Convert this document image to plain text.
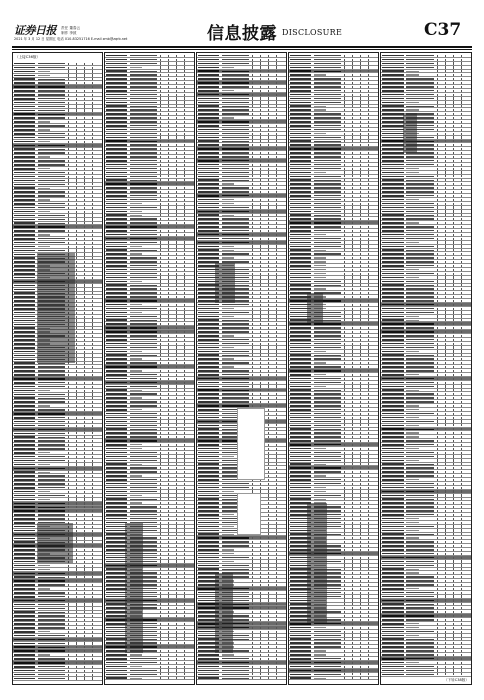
证券日报 责任 董春云
制作 李波
2021 年 3 月 12 日 星期五 电话 010-83251716 E-mail zmb@zqrb.net	信息披露 DISCLOSURE	C37
（上接C36版）
（下转C38版）
